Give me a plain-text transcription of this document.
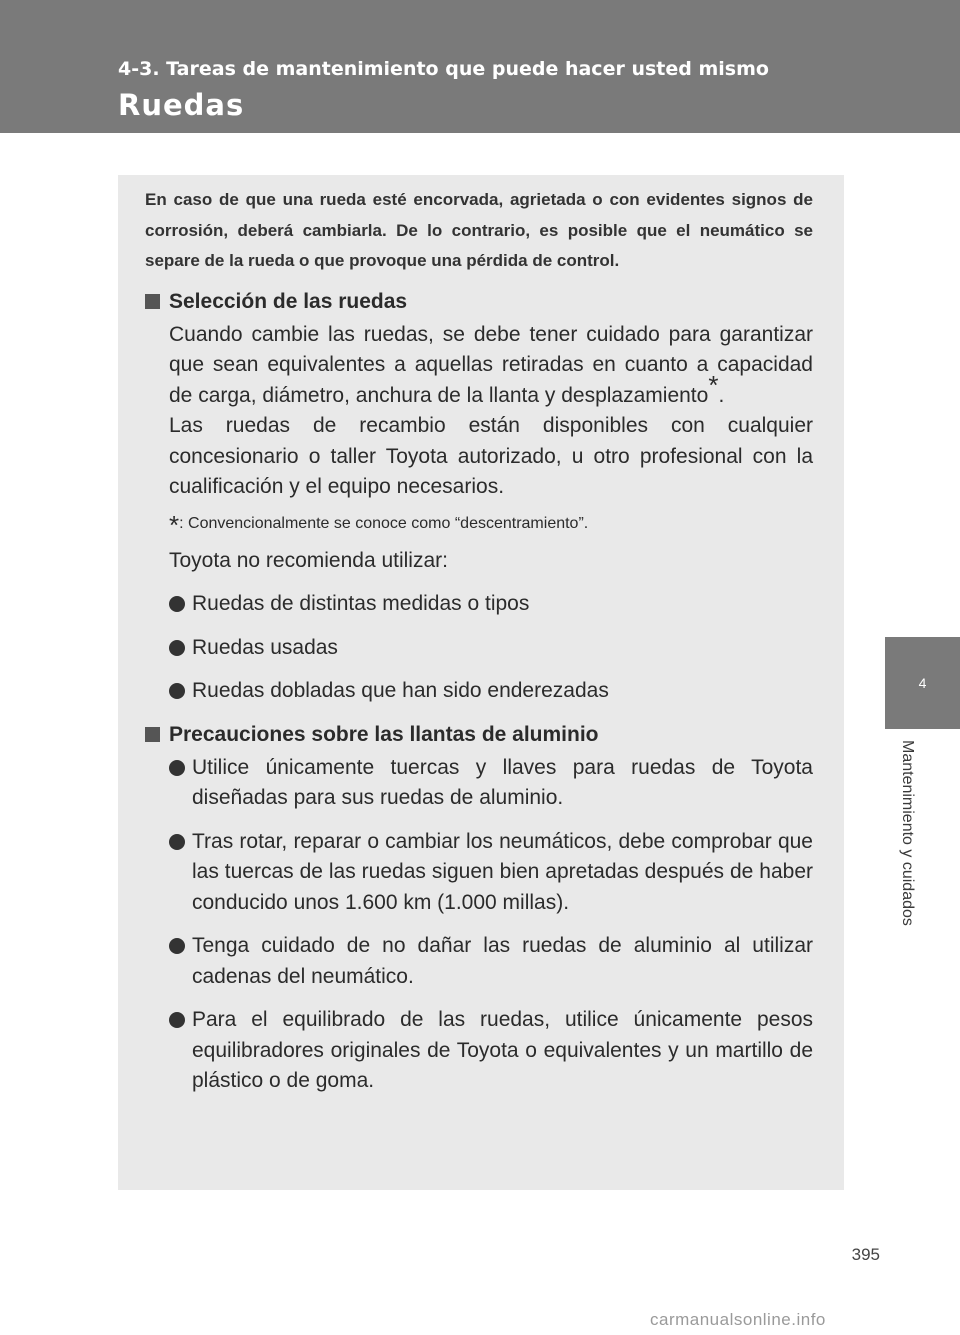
4-3. Tareas de mantenimiento que puede hacer usted mismo
Ruedas
4
Mantenimiento y cuidados

En caso de que una rueda esté encorvada, agrietada o con evidentes signos de corrosión, deberá cambiarla. De lo contrario, es posible que el neumático se separe de la rueda o que provoque una pérdida de control.

Selección de las ruedas

Cuando cambie las ruedas, se debe tener cuidado para garantizar que sean equivalentes a aquellas retiradas en cuanto a capacidad de carga, diámetro, anchura de la llanta y desplazamiento*.

Las ruedas de recambio están disponibles con cualquier concesionario o taller Toyota autorizado, u otro profesional con la cualificación y el equipo necesarios.

*: Convencionalmente se conoce como “descentramiento”.

Toyota no recomienda utilizar:

Ruedas de distintas medidas o tipos
Ruedas usadas
Ruedas dobladas que han sido enderezadas
Precauciones sobre las llantas de aluminio
Utilice únicamente tuercas y llaves para ruedas de Toyota diseñadas para sus ruedas de aluminio.
Tras rotar, reparar o cambiar los neumáticos, debe comprobar que las tuercas de las ruedas siguen bien apretadas después de haber conducido unos 1.600 km (1.000 millas).
Tenga cuidado de no dañar las ruedas de aluminio al utilizar cadenas del neumático.
Para el equilibrado de las ruedas, utilice únicamente pesos equilibradores originales de Toyota o equivalentes y un martillo de plástico o de goma.
395
carmanualsonline.info
